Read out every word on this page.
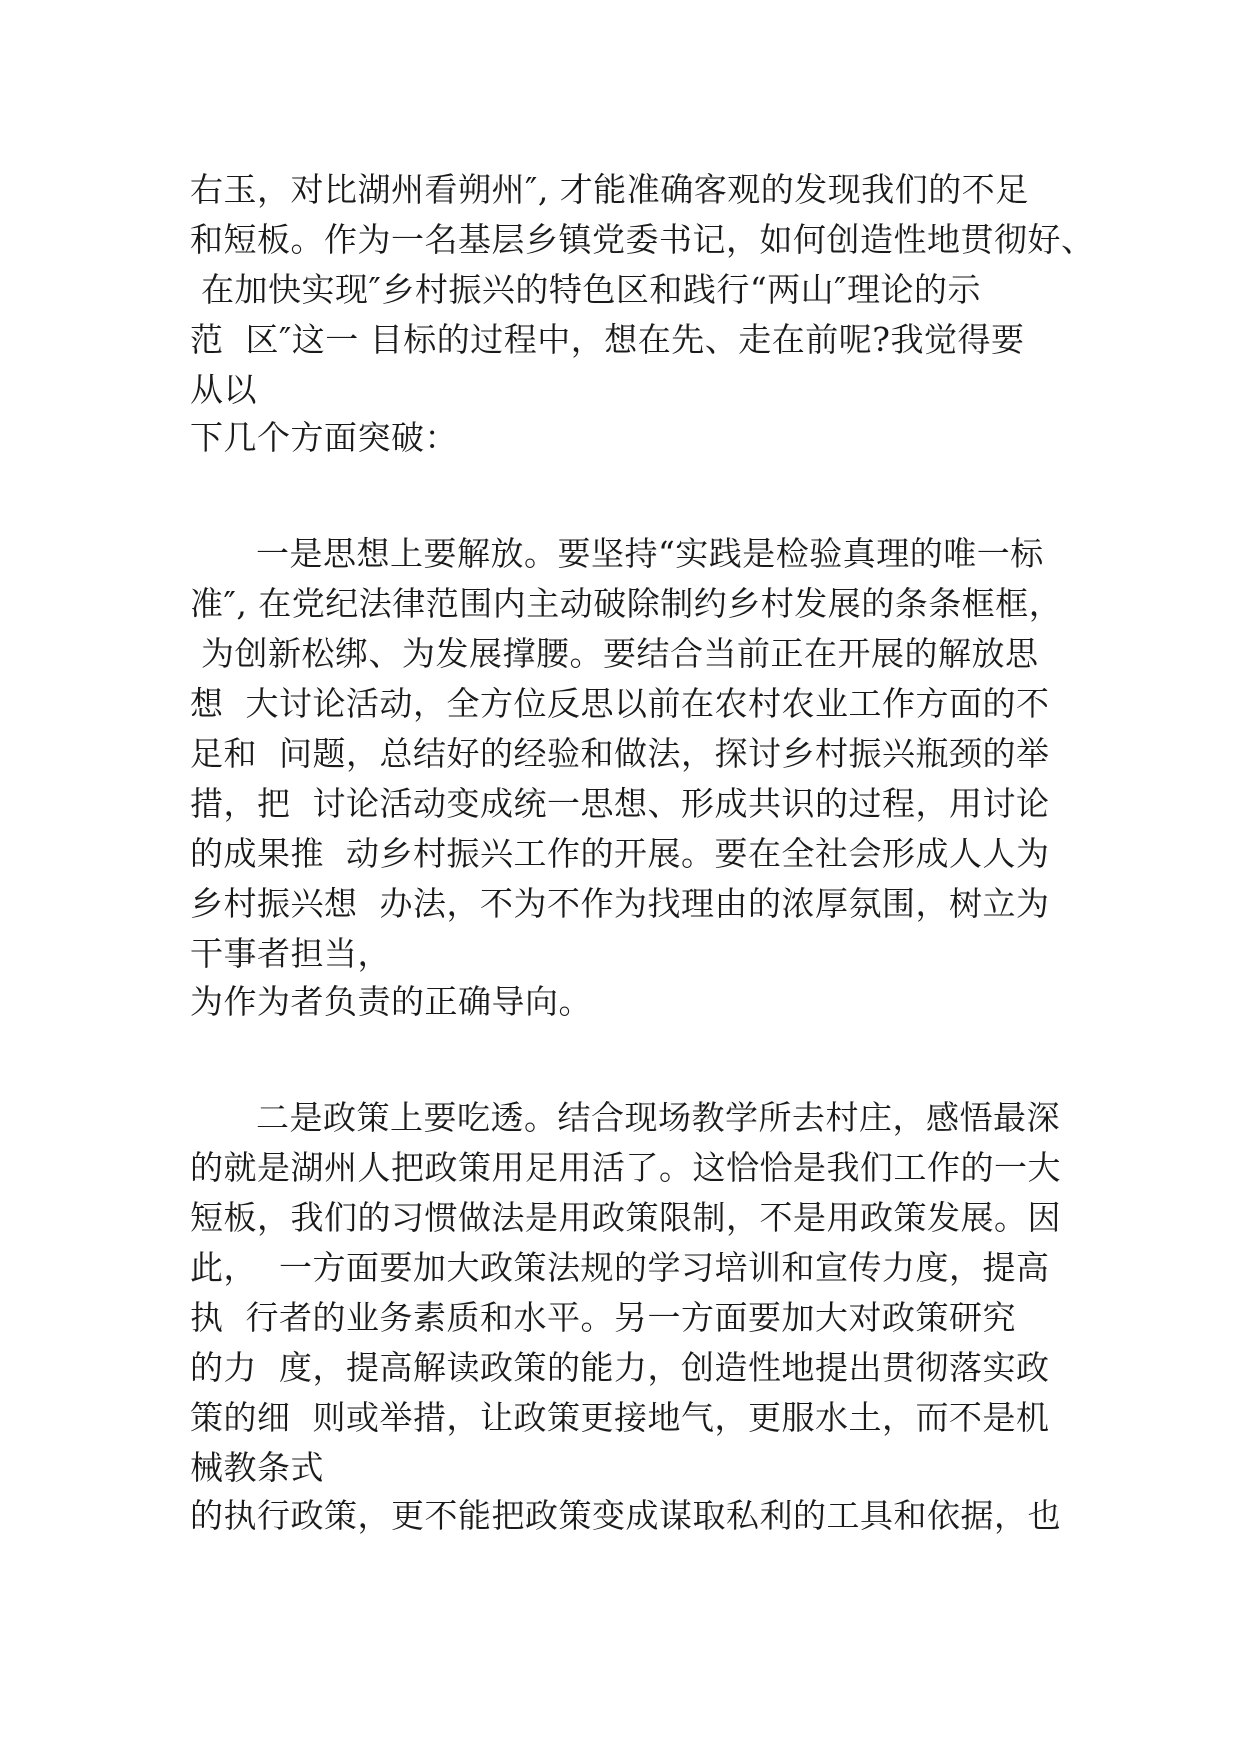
右玉，对比湖州看朔州″, 才能准确客观的发现我们的不足
和短板。作为一名基层乡镇党委书记，如何创造性地贯彻好、
在加快实现″乡村振兴的特色区和践行“两山″理论的示
范  区″这一 目标的过程中，想在先、走在前呢?我觉得要
从以
下几个方面突破：
一是思想上要解放。要坚持“实践是检验真理的唯一标
准″, 在党纪法律范围内主动破除制约乡村发展的条条框框，
为创新松绑、为发展撑腰。要结合当前正在开展的解放思
想  大讨论活动，全方位反思以前在农村农业工作方面的不
足和  问题，总结好的经验和做法，探讨乡村振兴瓶颈的举
措，把  讨论活动变成统一思想、形成共识的过程，用讨论
的成果推  动乡村振兴工作的开展。要在全社会形成人人为
乡村振兴想  办法，不为不作为找理由的浓厚氛围，树立为
干事者担当，
为作为者负责的正确导向。
二是政策上要吃透。结合现场教学所去村庄，感悟最深
的就是湖州人把政策用足用活了。这恰恰是我们工作的一大
短板，我们的习惯做法是用政策限制，不是用政策发展。因
此，  一方面要加大政策法规的学习培训和宣传力度，提高
执  行者的业务素质和水平。另一方面要加大对政策研究
的力  度，提高解读政策的能力，创造性地提出贯彻落实政
策的细  则或举措，让政策更接地气，更服水土，而不是机
械教条式
的执行政策，更不能把政策变成谋取私利的工具和依据，也
